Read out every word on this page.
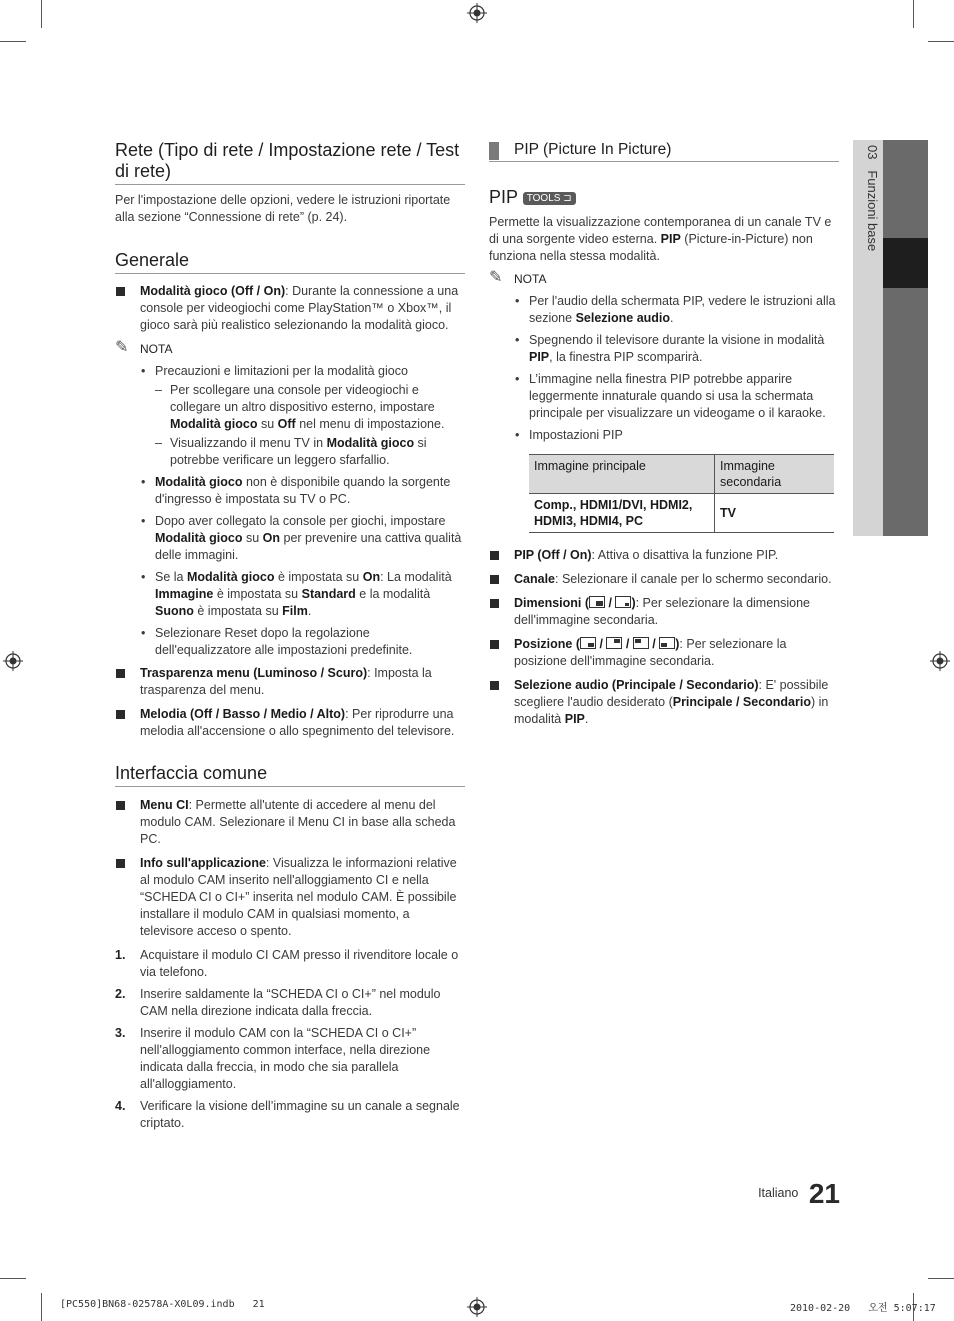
03   Funzioni base
Rete (Tipo di rete / Impostazione rete / Test di rete)

Per l'impostazione delle opzioni, vedere le istruzioni riportate alla sezione “Connessione di rete” (p. 24).

Generale
Modalità gioco (Off / On): Durante la connessione a una console per videogiochi come PlayStation™ o Xbox™, il gioco sarà più realistico selezionando la modalità gioco.
✎ NOTA
• Precauzioni e limitazioni per la modalità gioco
– Per scollegare una console per videogiochi e collegare un altro dispositivo esterno, impostare Modalità gioco su Off nel menu di impostazione.
– Visualizzando il menu TV in Modalità gioco si potrebbe verificare un leggero sfarfallio.
• Modalità gioco non è disponibile quando la sorgente d'ingresso è impostata su TV o PC.
• Dopo aver collegato la console per giochi, impostare Modalità gioco su On per prevenire una cattiva qualità delle immagini.
• Se la Modalità gioco è impostata su On: La modalità Immagine è impostata su Standard e la modalità Suono è impostata su Film.
• Selezionare Reset dopo la regolazione dell'equalizzatore alle impostazioni predefinite.
Trasparenza menu (Luminoso / Scuro): Imposta la trasparenza del menu.
Melodia (Off / Basso / Medio / Alto): Per riprodurre una melodia all'accensione o allo spegnimento del televisore.
Interfaccia comune
Menu CI: Permette all'utente di accedere al menu del modulo CAM. Selezionare il Menu CI in base alla scheda PC.
Info sull'applicazione: Visualizza le informazioni relative al modulo CAM inserito nell'alloggiamento CI e nella “SCHEDA CI o CI+” inserita nel modulo CAM. È possibile installare il modulo CAM in qualsiasi momento, a televisore acceso o spento.
1. Acquistare il modulo CI CAM presso il rivenditore locale o via telefono.
2. Inserire saldamente la “SCHEDA CI o CI+” nel modulo CAM nella direzione indicata dalla freccia.
3. Inserire il modulo CAM con la “SCHEDA CI o CI+” nell'alloggiamento common interface, nella direzione indicata dalla freccia, in modo che sia parallela all'alloggiamento.
4. Verificare la visione dell’immagine su un canale a segnale criptato.
PIP (Picture In Picture)
PIP TOOLS ⊐

Permette la visualizzazione contemporanea di un canale TV e di una sorgente video esterna. PIP (Picture-in-Picture) non funziona nella stessa modalità.

✎ NOTA
• Per l'audio della schermata PIP, vedere le istruzioni alla sezione Selezione audio.
• Spegnendo il televisore durante la visione in modalità PIP, la finestra PIP scomparirà.
• L’immagine nella finestra PIP potrebbe apparire leggermente innaturale quando si usa la schermata principale per visualizzare un videogame o il karaoke.
• Impostazioni PIP
Immagine principale	Immagine secondaria
Comp., HDMI1/DVI, HDMI2, HDMI3, HDMI4, PC	TV
PIP (Off / On): Attiva o disattiva la funzione PIP.
Canale: Selezionare il canale per lo schermo secondario.
Dimensioni (
/
): Per selezionare la dimensione dell'immagine secondaria.
Posizione (
/
/
/
): Per selezionare la posizione dell'immagine secondaria.
Selezione audio (Principale / Secondario): E' possibile scegliere l'audio desiderato (Principale / Secondario) in modalità PIP.
$^{Italiano}$ 21
[PC550]BN68-02578A-X0L09.indb   21	2010-02-20   오전 5:07:17
